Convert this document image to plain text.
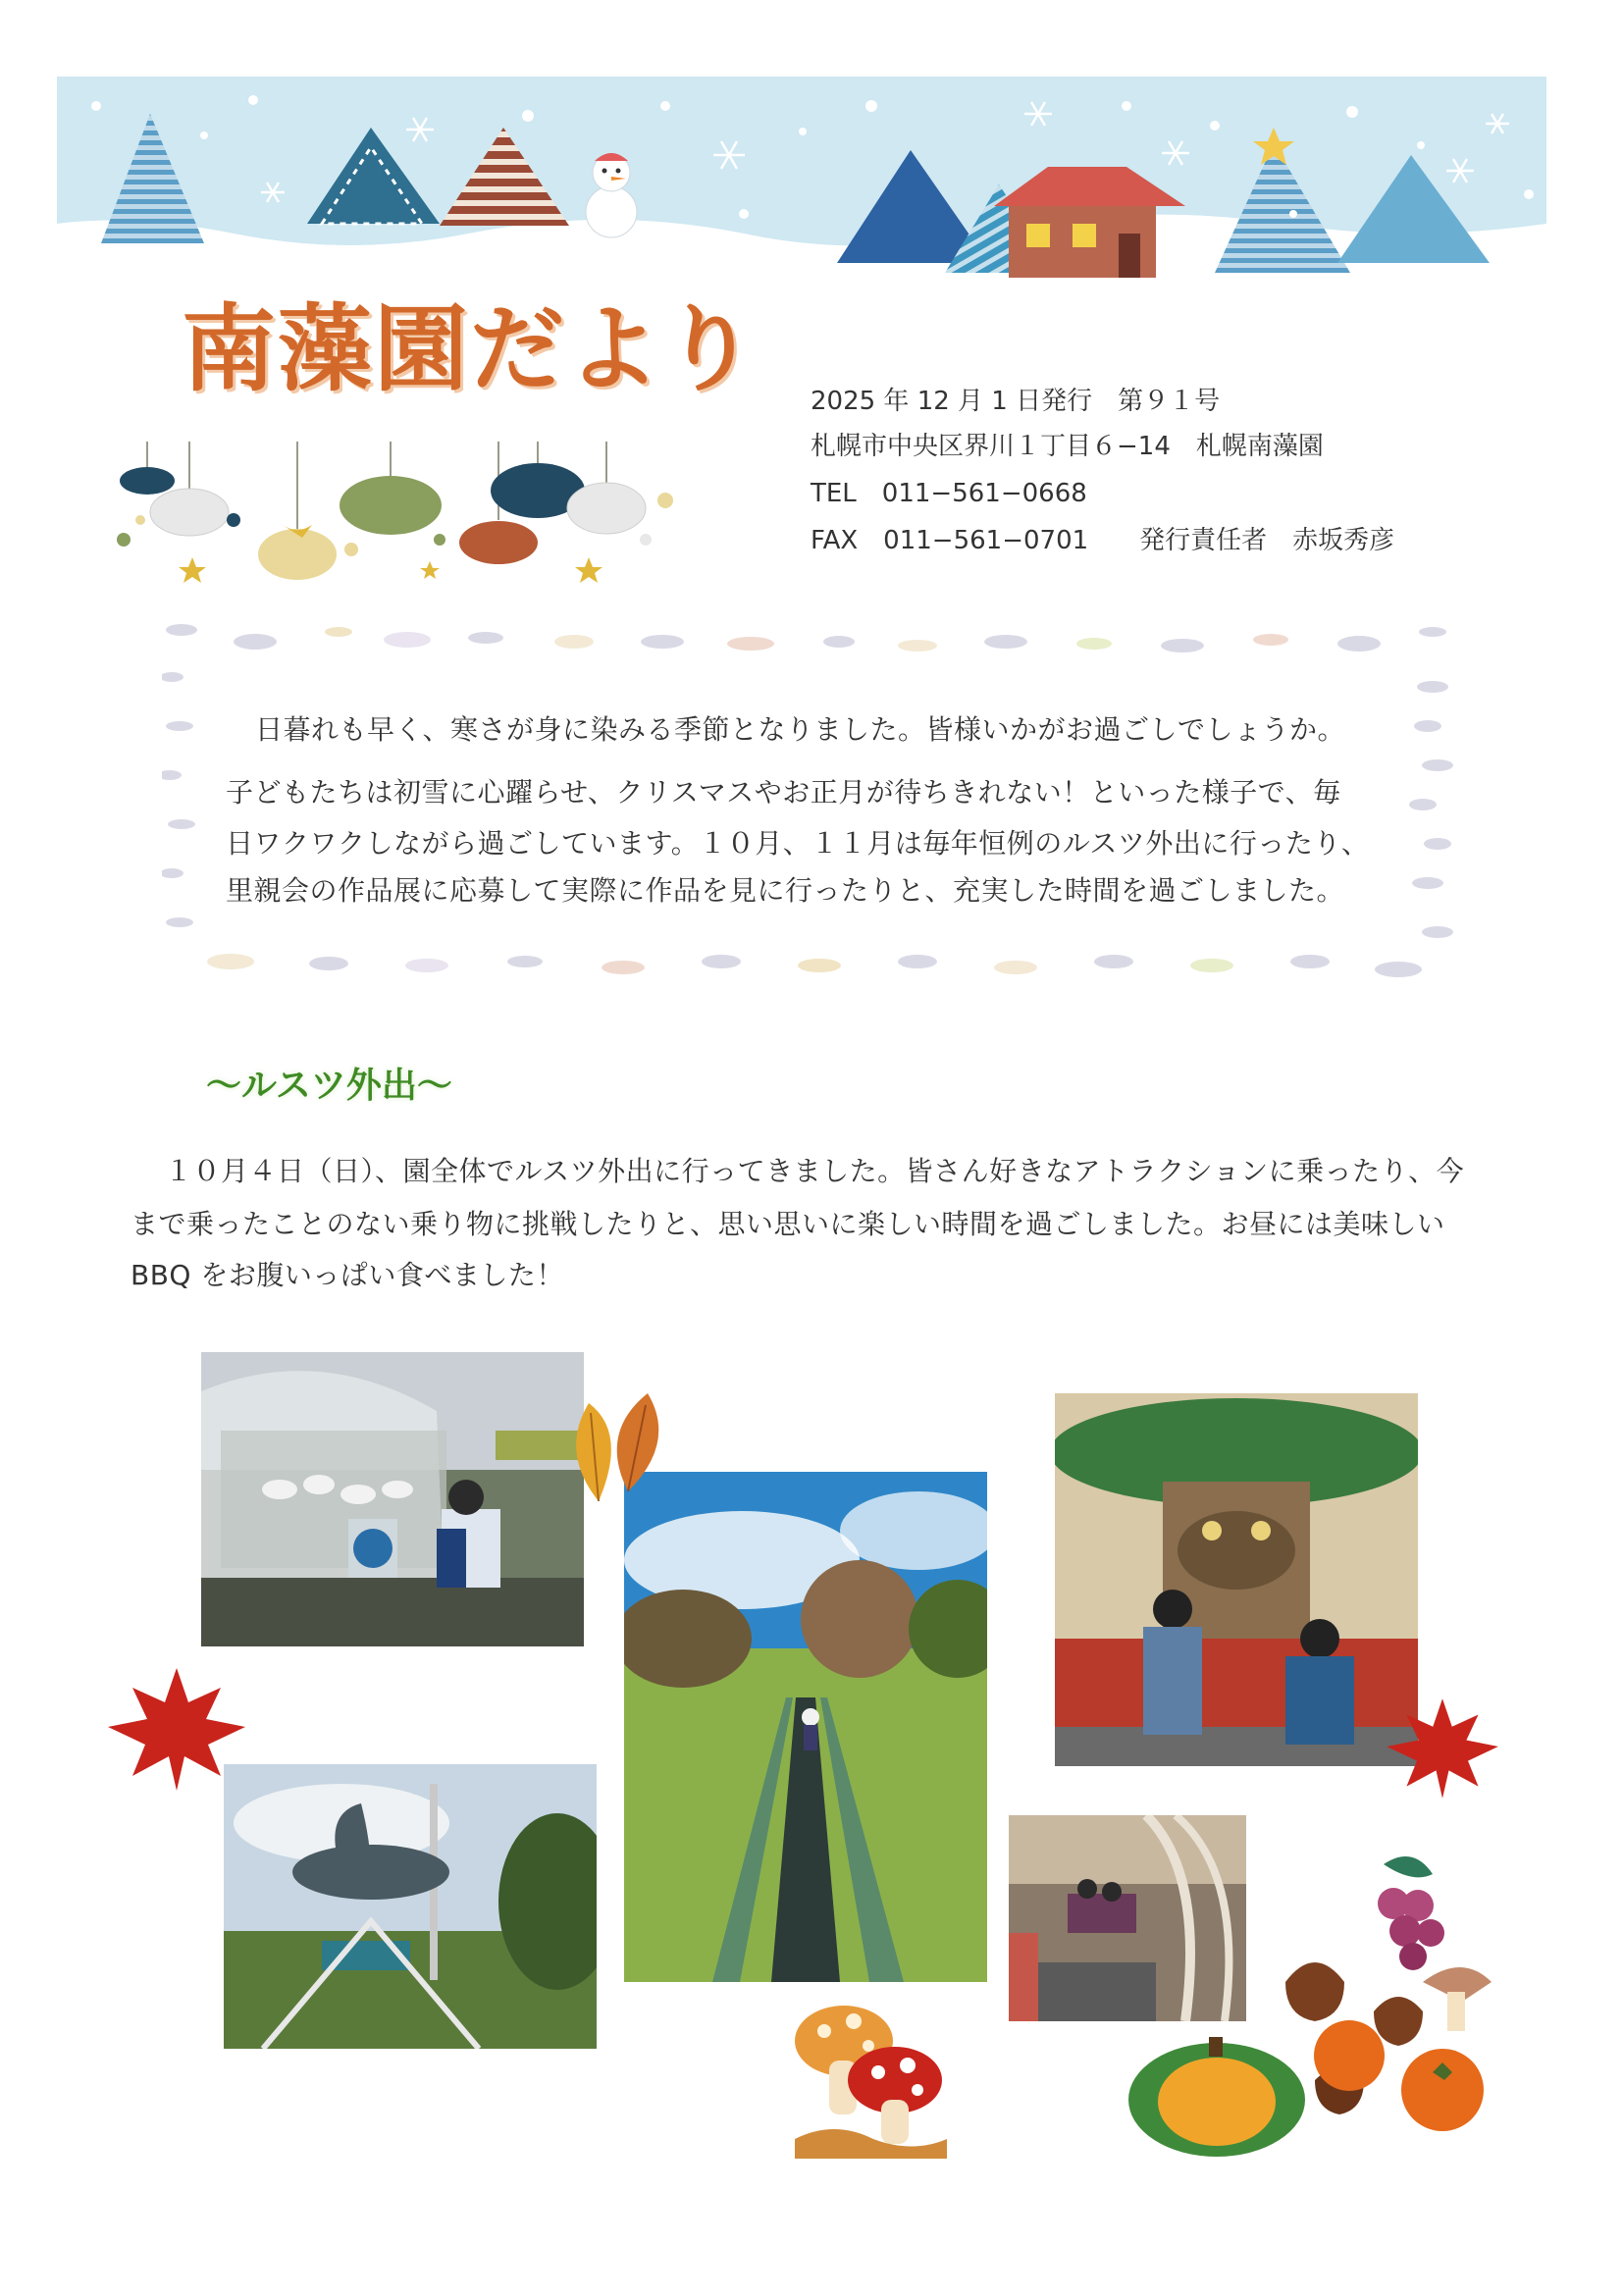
南藻園だより 2025 年 12 月 1 日発行　第９１号
札幌市中央区界川１丁目６−14　札幌南藻園
TEL　011−561−0668
FAX　011−561−0701　　発行責任者　赤坂秀彦
日暮れも早く、寒さが身に染みる季節となりました。皆様いかがお過ごしでしょうか。
子どもたちは初雪に心躍らせ、クリスマスやお正月が待ちきれない！といった様子で、毎
日ワクワクしながら過ごしています。１０月、１１月は毎年恒例のルスツ外出に行ったり、
里親会の作品展に応募して実際に作品を見に行ったりと、充実した時間を過ごしました。
〜ルスツ外出〜
１０月４日（日）、園全体でルスツ外出に行ってきました。皆さん好きなアトラクションに乗ったり、今
まで乗ったことのない乗り物に挑戦したりと、思い思いに楽しい時間を過ごしました。お昼には美味しい
BBQ をお腹いっぱい食べました！
